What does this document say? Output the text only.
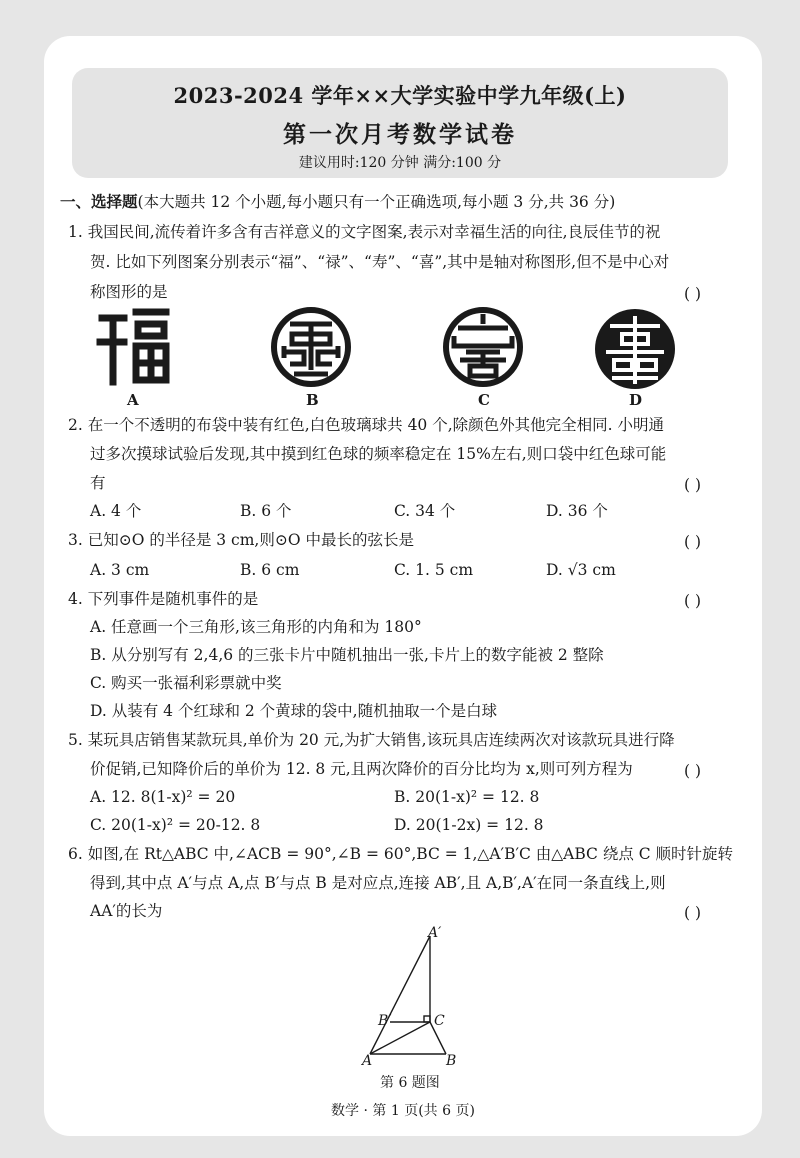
2023-2024 学年××大学实验中学九年级(上)
第一次月考数学试卷
建议用时:120 分钟 满分:100 分
一、选择题(本大题共 12 个小题,每小题只有一个正确选项,每小题 3 分,共 36 分)
1. 我国民间,流传着许多含有吉祥意义的文字图案,表示对幸福生活的向往,良辰佳节的祝
贺. 比如下列图案分别表示“福”、“禄”、“寿”、“喜”,其中是轴对称图形,但不是中心对
称图形的是	( )
A	B	C	D
2. 在一个不透明的布袋中装有红色,白色玻璃球共 40 个,除颜色外其他完全相同. 小明通
过多次摸球试验后发现,其中摸到红色球的频率稳定在 15%左右,则口袋中红色球可能
有	( )
A. 4 个	B. 6 个	C. 34 个	D. 36 个
3. 已知⊙O 的半径是 3 cm,则⊙O 中最长的弦长是	( )
A. 3 cm	B. 6 cm	C. 1. 5 cm	D. √3 cm
4. 下列事件是随机事件的是	( )
A. 任意画一个三角形,该三角形的内角和为 180°
B. 从分别写有 2,4,6 的三张卡片中随机抽出一张,卡片上的数字能被 2 整除
C. 购买一张福利彩票就中奖
D. 从装有 4 个红球和 2 个黄球的袋中,随机抽取一个是白球
5. 某玩具店销售某款玩具,单价为 20 元,为扩大销售,该玩具店连续两次对该款玩具进行降
价促销,已知降价后的单价为 12. 8 元,且两次降价的百分比均为 x,则可列方程为	( )
A. 12. 8(1-x)² = 20	B. 20(1-x)² = 12. 8
C. 20(1-x)² = 20-12. 8	D. 20(1-2x) = 12. 8
6. 如图,在 Rt△ABC 中,∠ACB = 90°,∠B = 60°,BC = 1,△A′B′C 由△ABC 绕点 C 顺时针旋转
得到,其中点 A′与点 A,点 B′与点 B 是对应点,连接 AB′,且 A,B′,A′在同一条直线上,则
AA′的长为	( )
A′
B′	C
A	B
第 6 题图
数学 · 第 1 页(共 6 页)
